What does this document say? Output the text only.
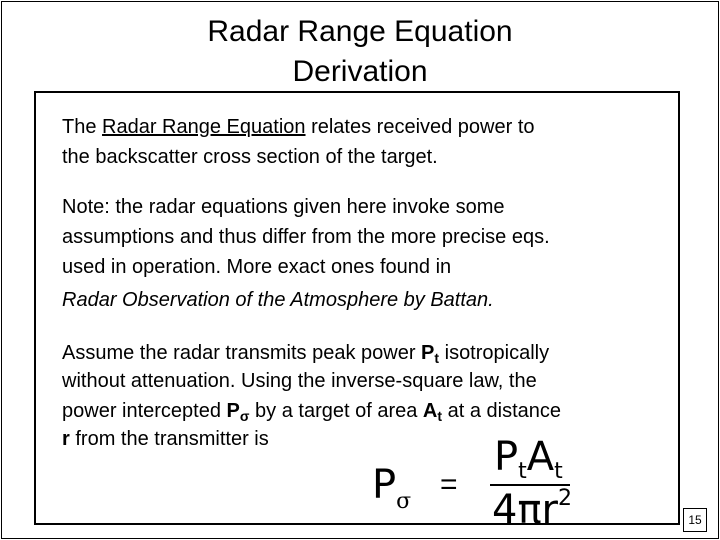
Radar Range Equation
Derivation
The Radar Range Equation relates received power to
the backscatter cross section of the target.
Note: the radar equations given here invoke some
assumptions and thus differ from the more precise eqs.
used in operation. More exact ones found in
Radar Observation of the Atmosphere by Battan.
Assume the radar transmits peak power $P_t$ isotropically
without attenuation. Using the inverse-square law, the
power intercepted $P_\sigma$ by a target of area $A_t$ at a distance
r from the transmitter is
$P_\sigma$
=
$P_tA_t$
$4\pi r^2$
15
